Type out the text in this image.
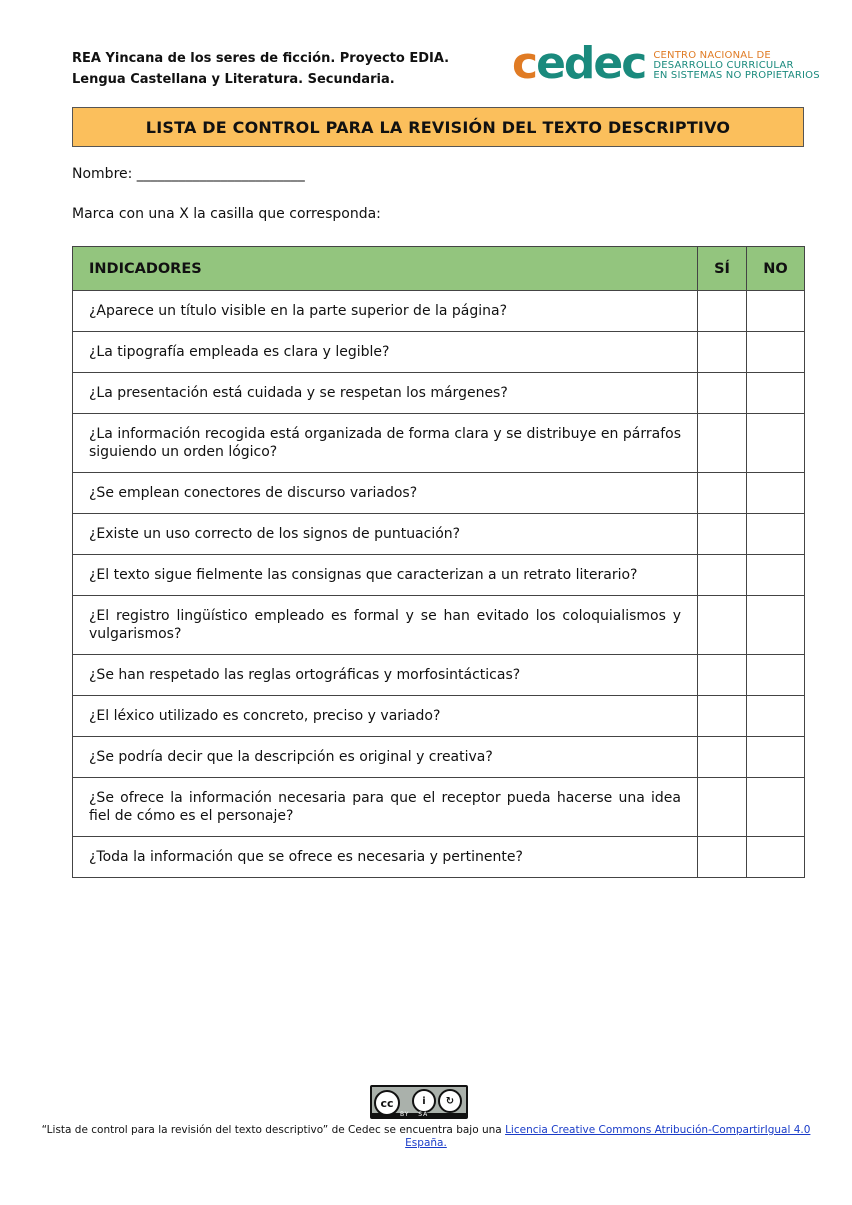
REA Yincana de los seres de ficción. Proyecto EDIA.
Lengua Castellana y Literatura. Secundaria.	cedec CENTRO NACIONAL DE
DESARROLLO CURRICULAR
EN SISTEMAS NO PROPIETARIOS
LISTA DE CONTROL PARA LA REVISIÓN DEL TEXTO DESCRIPTIVO
Nombre: ________________________
Marca con una X la casilla que corresponda:
INDICADORES	SÍ	NO
¿Aparece un título visible en la parte superior de la página?		
¿La tipografía empleada es clara y legible?		
¿La presentación está cuidada y se respetan los márgenes?		
¿La información recogida está organizada de forma clara y se distribuye en párrafos siguiendo un orden lógico?		
¿Se emplean conectores de discurso variados?		
¿Existe un uso correcto de los signos de puntuación?		
¿El texto sigue fielmente las consignas que caracterizan a un retrato literario?		
¿El registro lingüístico empleado es formal y se han evitado los coloquialismos y vulgarismos?		
¿Se han respetado las reglas ortográficas y morfosintácticas?		
¿El léxico utilizado es concreto, preciso y variado?		
¿Se podría decir que la descripción es original y creativa?		
¿Se ofrece la información necesaria para que el receptor pueda hacerse una idea fiel de cómo es el personaje?		
¿Toda la información que se ofrece es necesaria y pertinente?		
cc	i	↻
BY SA
“Lista de control para la revisión del texto descriptivo” de Cedec se encuentra bajo una Licencia Creative Commons Atribución-CompartirIgual 4.0 España.
